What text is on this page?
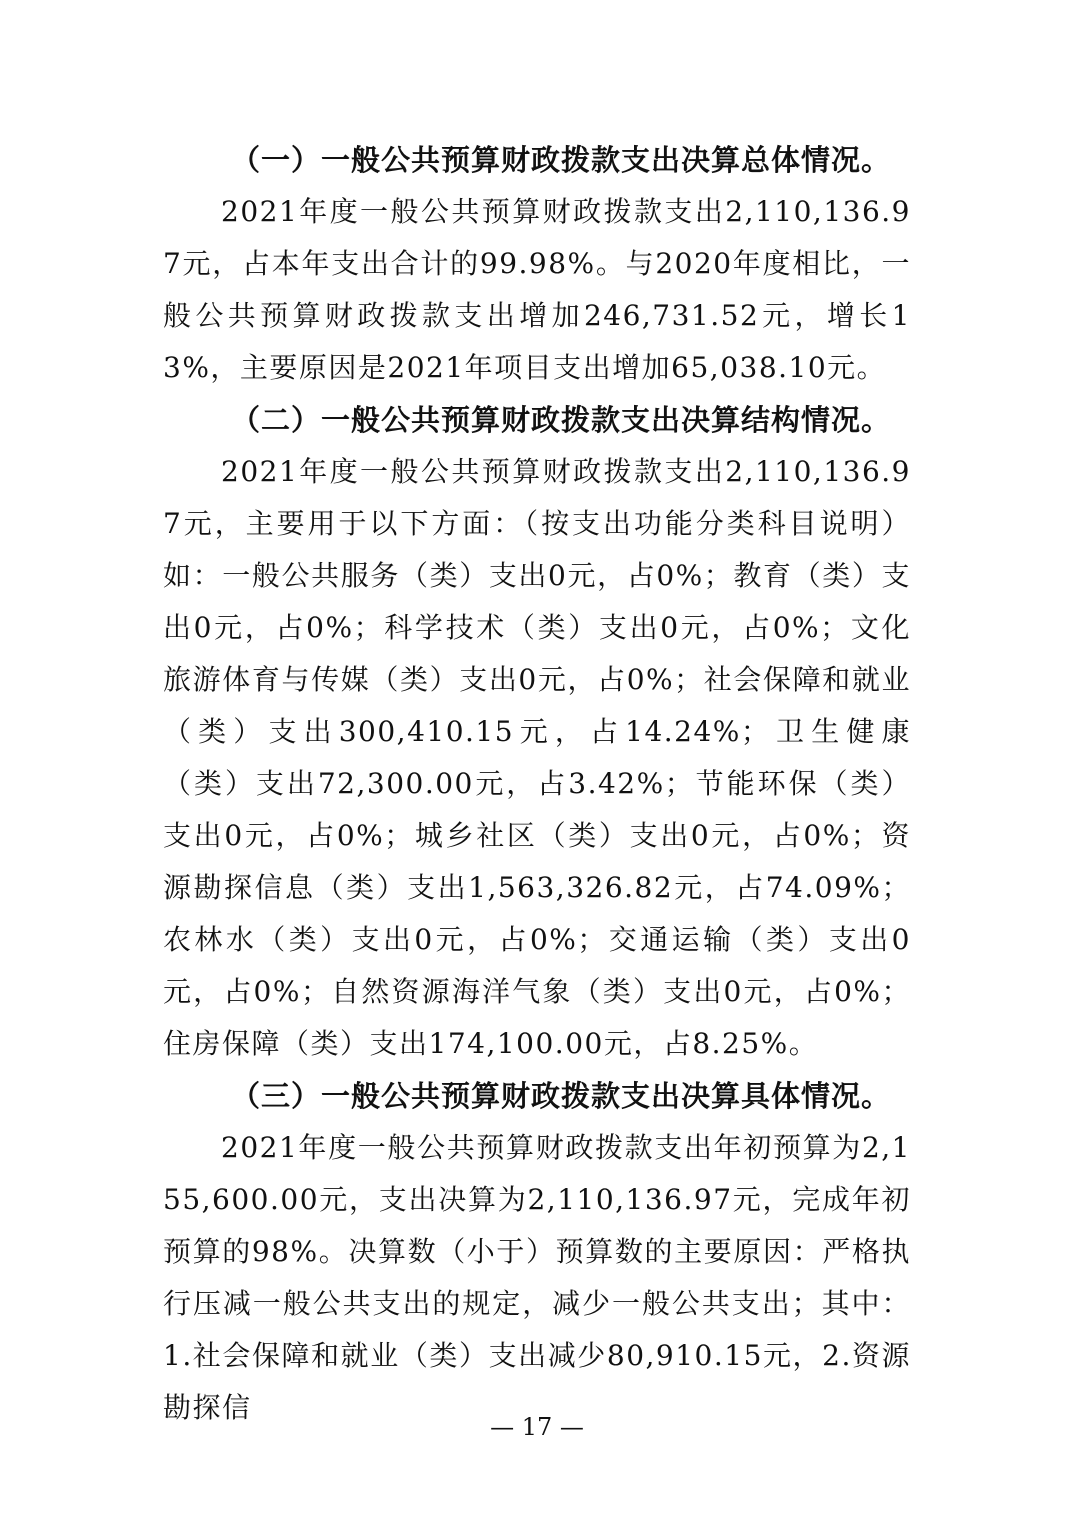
（一）一般公共预算财政拨款支出决算总体情况。

2021年度一般公共预算财政拨款支出2,110,136.97元，占本年支出合计的99.98%。与2020年度相比，一般公共预算财政拨款支出增加246,731.52元，增长13%，主要原因是2021年项目支出增加65,038.10元。

（二）一般公共预算财政拨款支出决算结构情况。

2021年度一般公共预算财政拨款支出2,110,136.97元，主要用于以下方面：（按支出功能分类科目说明）如：一般公共服务（类）支出0元，占0%；教育（类）支出0元，占0%；科学技术（类）支出0元，占0%；文化旅游体育与传媒（类）支出0元，占0%；社会保障和就业（类）支出300,410.15元，占14.24%；卫生健康（类）支出72,300.00元，占3.42%；节能环保（类）支出0元，占0%；城乡社区（类）支出0元，占0%；资源勘探信息（类）支出1,563,326.82元，占74.09%；农林水（类）支出0元，占0%；交通运输（类）支出0元，占0%；自然资源海洋气象（类）支出0元，占0%；住房保障（类）支出174,100.00元，占8.25%。

（三）一般公共预算财政拨款支出决算具体情况。

2021年度一般公共预算财政拨款支出年初预算为2,155,600.00元，支出决算为2,110,136.97元，完成年初预算的98%。决算数（小于）预算数的主要原因：严格执行压减一般公共支出的规定，减少一般公共支出；其中：1.社会保障和就业（类）支出减少80,910.15元，2.资源勘探信

— 17 —
